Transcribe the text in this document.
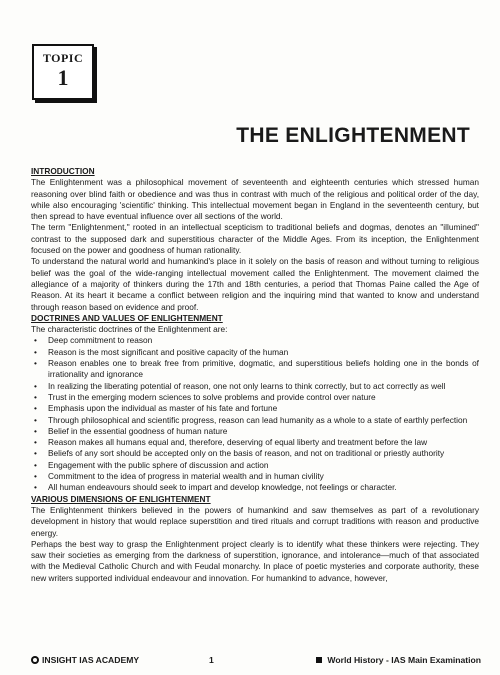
TOPIC
1
THE ENLIGHTENMENT
INTRODUCTION

The Enlightenment was a philosophical movement of seventeenth and eighteenth centuries which stressed human reasoning over blind faith or obedience and was thus in contrast with much of the religious and political order of the day, while also encouraging 'scientific' thinking. This intellectual movement began in England in the seventeenth century, but then spread to have eventual influence over all sections of the world.

The term "Enlightenment," rooted in an intellectual scepticism to traditional beliefs and dogmas, denotes an "illumined" contrast to the supposed dark and superstitious character of the Middle Ages. From its inception, the Enlightenment focused on the power and goodness of human rationality.

To understand the natural world and humankind's place in it solely on the basis of reason and without turning to religious belief was the goal of the wide-ranging intellectual movement called the Enlightenment. The movement claimed the allegiance of a majority of thinkers during the 17th and 18th centuries, a period that Thomas Paine called the Age of Reason. At its heart it became a conflict between religion and the inquiring mind that wanted to know and understand through reason based on evidence and proof.

DOCTRINES AND VALUES OF ENLIGHTENMENT

The characteristic doctrines of the Enlightenment are:

• Deep commitment to reason
• Reason is the most significant and positive capacity of the human
• Reason enables one to break free from primitive, dogmatic, and superstitious beliefs holding one in the bonds of irrationality and ignorance
• In realizing the liberating potential of reason, one not only learns to think correctly, but to act correctly as well
• Trust in the emerging modern sciences to solve problems and provide control over nature
• Emphasis upon the individual as master of his fate and fortune
• Through philosophical and scientific progress, reason can lead humanity as a whole to a state of earthly perfection
• Belief in the essential goodness of human nature
• Reason makes all humans equal and, therefore, deserving of equal liberty and treatment before the law
• Beliefs of any sort should be accepted only on the basis of reason, and not on traditional or priestly authority
• Engagement with the public sphere of discussion and action
• Commitment to the idea of progress in material wealth and in human civility
• All human endeavours should seek to impart and develop knowledge, not feelings or character.
VARIOUS DIMENSIONS OF ENLIGHTENMENT

The Enlightenment thinkers believed in the powers of humankind and saw themselves as part of a revolutionary development in history that would replace superstition and tired rituals and corrupt traditions with reason and productive energy.

Perhaps the best way to grasp the Enlightenment project clearly is to identify what these thinkers were rejecting. They saw their societies as emerging from the darkness of superstition, ignorance, and intolerance—much of that associated with the Medieval Catholic Church and with Feudal monarchy. In place of poetic mysteries and corporate authority, these new writers supported individual endeavour and innovation. For humankind to advance, however,

INSIGHT IAS ACADEMY	1	World History - IAS Main Examination
